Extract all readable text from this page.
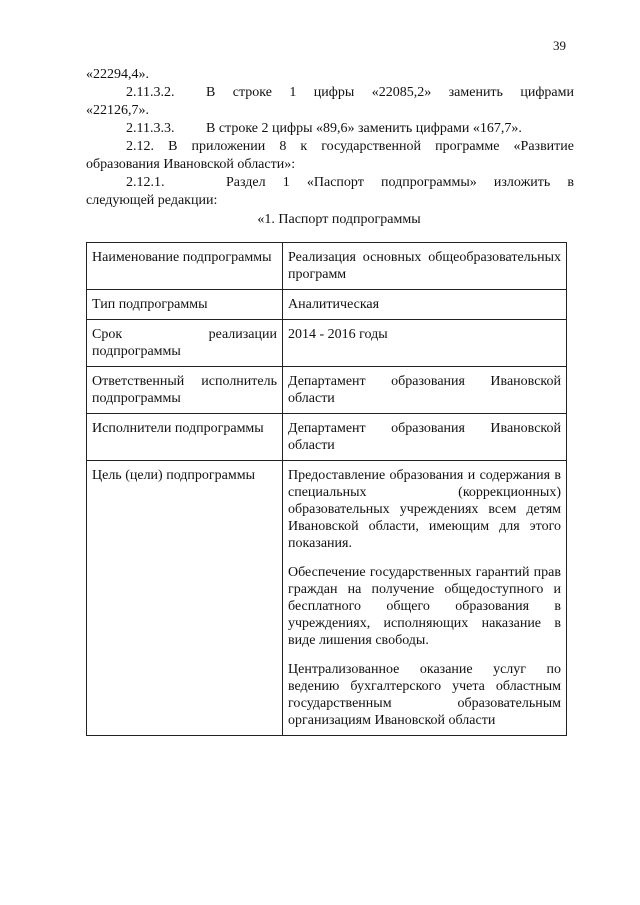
39
«22294,4».
2.11.3.2. В строке 1 цифры «22085,2» заменить цифрами
«22126,7».
2.11.3.3. В строке 2 цифры «89,6» заменить цифрами «167,7».
2.12. В приложении 8 к государственной программе «Развитие
образования Ивановской области»:
2.12.1.	Раздел 1 «Паспорт подпрограммы» изложить в
следующей редакции:
«1. Паспорт подпрограммы
Наименование подпрограммы	Реализация основных общеобразовательных программ
Тип подпрограммы	Аналитическая
Срок реализации подпрограммы	2014 - 2016 годы
Ответственный исполнитель подпрограммы	Департамент образования Ивановской области
Исполнители подпрограммы	Департамент образования Ивановской области
Цель (цели) подпрограммы	Предоставление образования и содержания в специальных (коррекционных) образовательных учреждениях всем детям Ивановской области, имеющим для этого показания.

Обеспечение государственных гарантий прав граждан на получение общедоступного и бесплатного общего образования в учреждениях, исполняющих наказание в виде лишения свободы.

Централизованное оказание услуг по ведению бухгалтерского учета областным государственным образовательным организациям Ивановской области
